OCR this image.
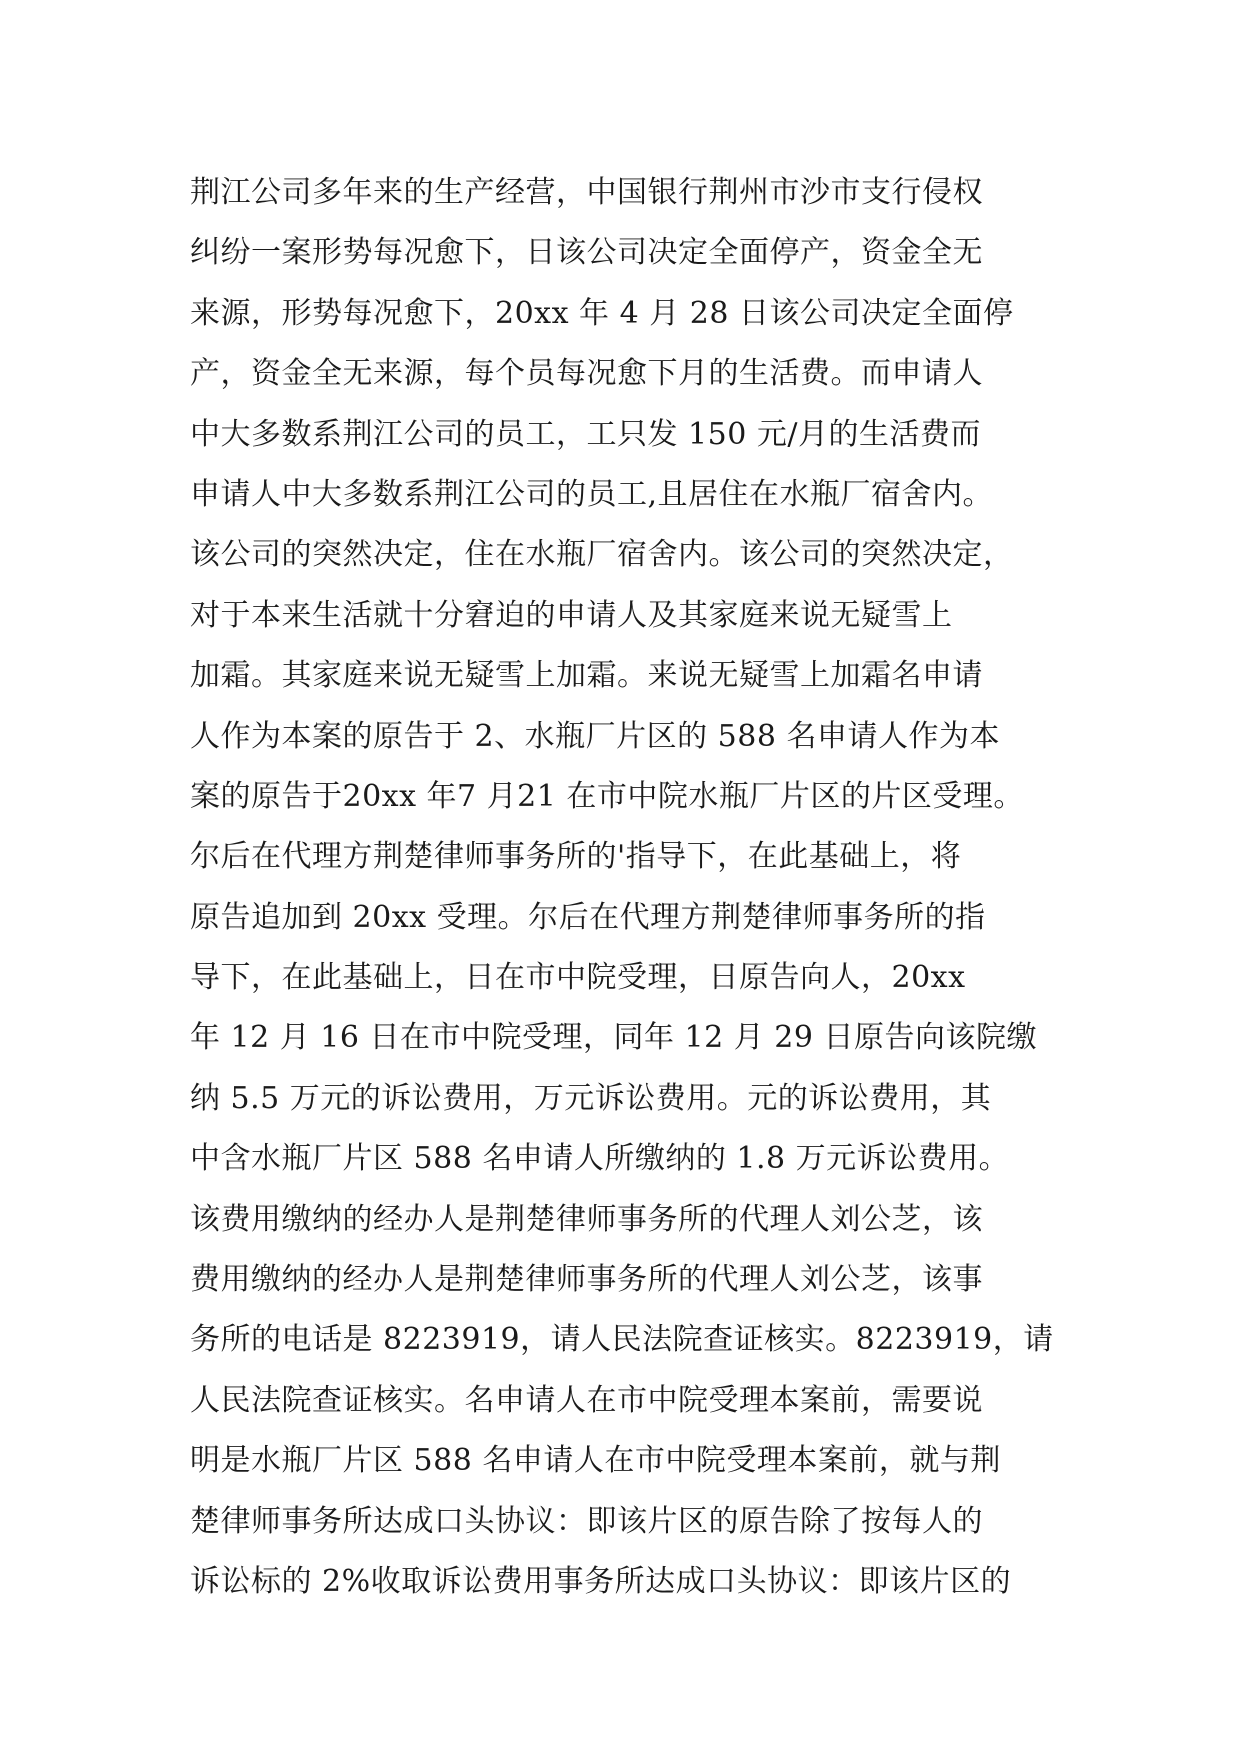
荆江公司多年来的生产经营，中国银行荆州市沙市支行侵权
纠纷一案形势每况愈下，日该公司决定全面停产，资金全无
来源，形势每况愈下，20xx 年 4 月 28 日该公司决定全面停
产，资金全无来源，每个员每况愈下月的生活费。而申请人
中大多数系荆江公司的员工，工只发 150 元/月的生活费而
申请人中大多数系荆江公司的员工,且居住在水瓶厂宿舍内。
该公司的突然决定，住在水瓶厂宿舍内。该公司的突然决定，
对于本来生活就十分窘迫的申请人及其家庭来说无疑雪上
加霜。其家庭来说无疑雪上加霜。来说无疑雪上加霜名申请
人作为本案的原告于 2、水瓶厂片区的 588 名申请人作为本
案的原告于20xx 年7 月21 在市中院水瓶厂片区的片区受理。
尔后在代理方荆楚律师事务所的'指导下，在此基础上，将
原告追加到 20xx 受理。尔后在代理方荆楚律师事务所的指
导下，在此基础上，日在市中院受理，日原告向人，20xx
年 12 月 16 日在市中院受理，同年 12 月 29 日原告向该院缴
纳 5.5 万元的诉讼费用，万元诉讼费用。元的诉讼费用，其
中含水瓶厂片区 588 名申请人所缴纳的 1.8 万元诉讼费用。
该费用缴纳的经办人是荆楚律师事务所的代理人刘公芝，该
费用缴纳的经办人是荆楚律师事务所的代理人刘公芝，该事
务所的电话是 8223919，请人民法院查证核实。8223919，请
人民法院查证核实。名申请人在市中院受理本案前，需要说
明是水瓶厂片区 588 名申请人在市中院受理本案前，就与荆
楚律师事务所达成口头协议：即该片区的原告除了按每人的
诉讼标的 2%收取诉讼费用事务所达成口头协议：即该片区的
